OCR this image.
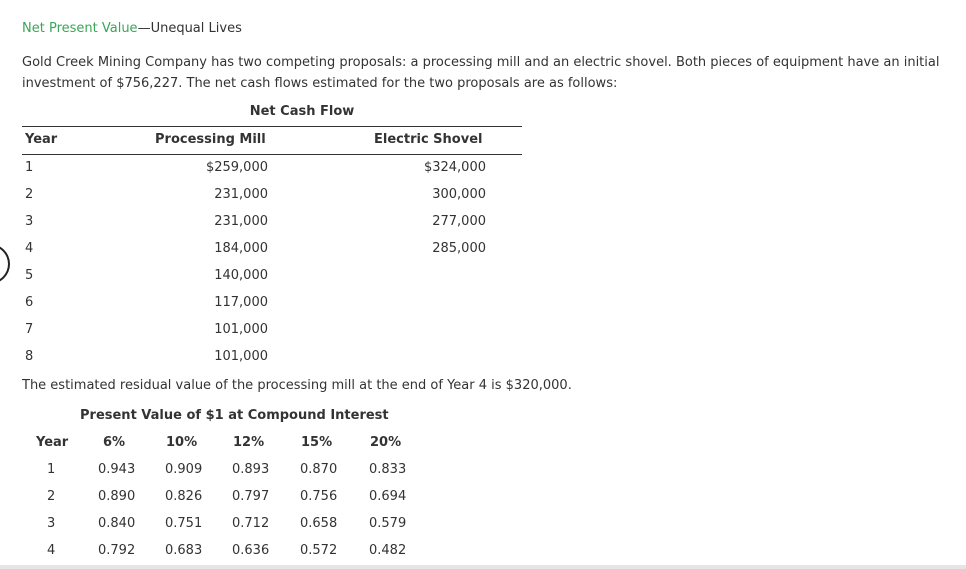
Net Present Value—Unequal Lives
Gold Creek Mining Company has two competing proposals: a processing mill and an electric shovel. Both pieces of equipment have an initial investment of $756,227. The net cash flows estimated for the two proposals are as follows:
Net Cash Flow
Year	Processing Mill	Electric Shovel
1	$259,000	$324,000
2	231,000	300,000
3	231,000	277,000
4	184,000	285,000
5	140,000
6	117,000
7	101,000
8	101,000
The estimated residual value of the processing mill at the end of Year 4 is $320,000.
Present Value of $1 at Compound Interest
Year	6%	10%	12%	15%	20%
1	0.943 0.909 0.893 0.870 0.833
2	0.890 0.826 0.797 0.756 0.694
3	0.840 0.751 0.712 0.658 0.579
4	0.792 0.683 0.636 0.572 0.482
